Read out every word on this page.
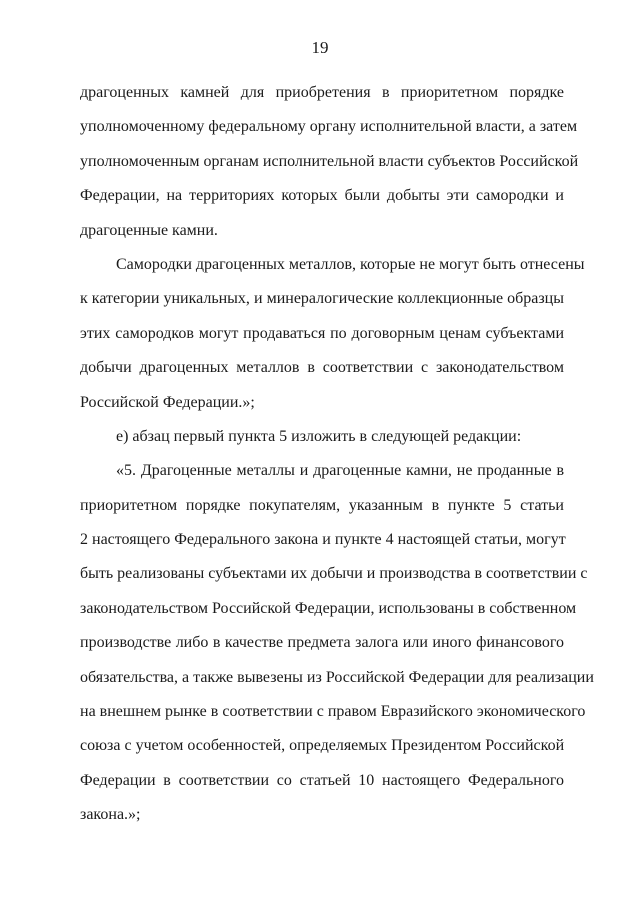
19

драгоценных камней для приобретения в приоритетном порядке
уполномоченному федеральному органу исполнительной власти, а затем
уполномоченным органам исполнительной власти субъектов Российской
Федерации, на территориях которых были добыты эти самородки и
драгоценные камни.

Самородки драгоценных металлов, которые не могут быть отнесены
к категории уникальных, и минералогические коллекционные образцы
этих самородков могут продаваться по договорным ценам субъектами
добычи драгоценных металлов в соответствии с законодательством
Российской Федерации.»;

е) абзац первый пункта 5 изложить в следующей редакции:

«5. Драгоценные металлы и драгоценные камни, не проданные в
приоритетном порядке покупателям, указанным в пункте 5 статьи
2 настоящего Федерального закона и пункте 4 настоящей статьи, могут
быть реализованы субъектами их добычи и производства в соответствии с
законодательством Российской Федерации, использованы в собственном
производстве либо в качестве предмета залога или иного финансового
обязательства, а также вывезены из Российской Федерации для реализации
на внешнем рынке в соответствии с правом Евразийского экономического
союза с учетом особенностей, определяемых Президентом Российской
Федерации в соответствии со статьей 10 настоящего Федерального
закона.»;
